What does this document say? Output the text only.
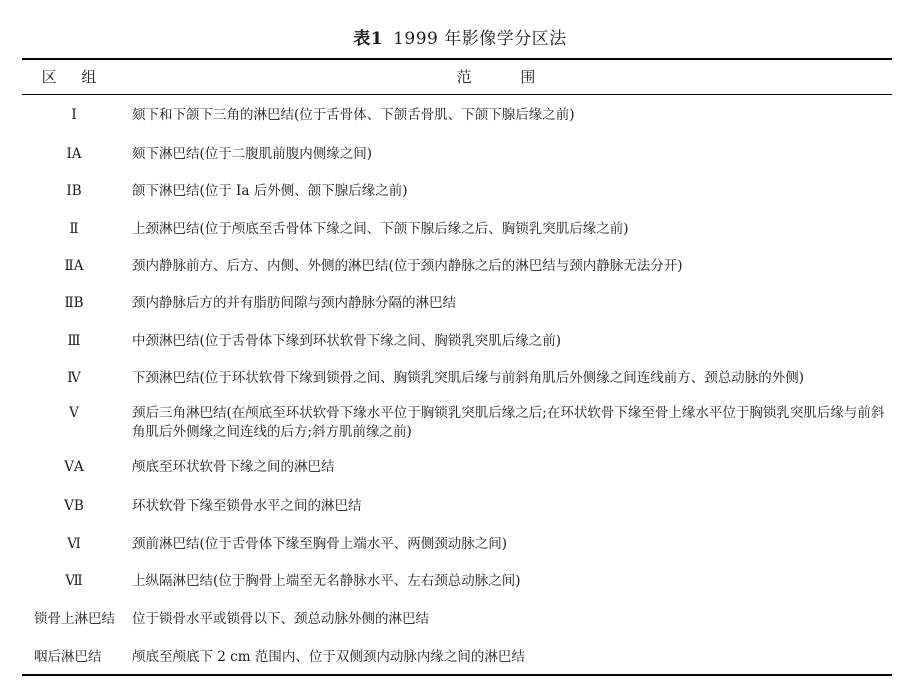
表1 1999 年影像学分区法
区 组	范 围
Ⅰ	颏下和下颌下三角的淋巴结(位于舌骨体、下颌舌骨肌、下颌下腺后缘之前)
ⅠA	颏下淋巴结(位于二腹肌前腹内侧缘之间)
ⅠB	颌下淋巴结(位于 Ⅰa 后外侧、颌下腺后缘之前)
Ⅱ	上颈淋巴结(位于颅底至舌骨体下缘之间、下颌下腺后缘之后、胸锁乳突肌后缘之前)
ⅡA	颈内静脉前方、后方、内侧、外侧的淋巴结(位于颈内静脉之后的淋巴结与颈内静脉无法分开)
ⅡB	颈内静脉后方的并有脂肪间隙与颈内静脉分隔的淋巴结
Ⅲ	中颈淋巴结(位于舌骨体下缘到环状软骨下缘之间、胸锁乳突肌后缘之前)
Ⅳ	下颈淋巴结(位于环状软骨下缘到锁骨之间、胸锁乳突肌后缘与前斜角肌后外侧缘之间连线前方、颈总动脉的外侧)
Ⅴ	颈后三角淋巴结(在颅底至环状软骨下缘水平位于胸锁乳突肌后缘之后;在环状软骨下缘至骨上缘水平位于胸锁乳突肌后缘与前斜角肌后外侧缘之间连线的后方;斜方肌前缘之前)
ⅤA	颅底至环状软骨下缘之间的淋巴结
ⅤB	环状软骨下缘至锁骨水平之间的淋巴结
Ⅵ	颈前淋巴结(位于舌骨体下缘至胸骨上端水平、两侧颈动脉之间)
Ⅶ	上纵隔淋巴结(位于胸骨上端至无名静脉水平、左右颈总动脉之间)
锁骨上淋巴结	位于锁骨水平或锁骨以下、颈总动脉外侧的淋巴结
咽后淋巴结	颅底至颅底下 2 cm 范围内、位于双侧颈内动脉内缘之间的淋巴结
